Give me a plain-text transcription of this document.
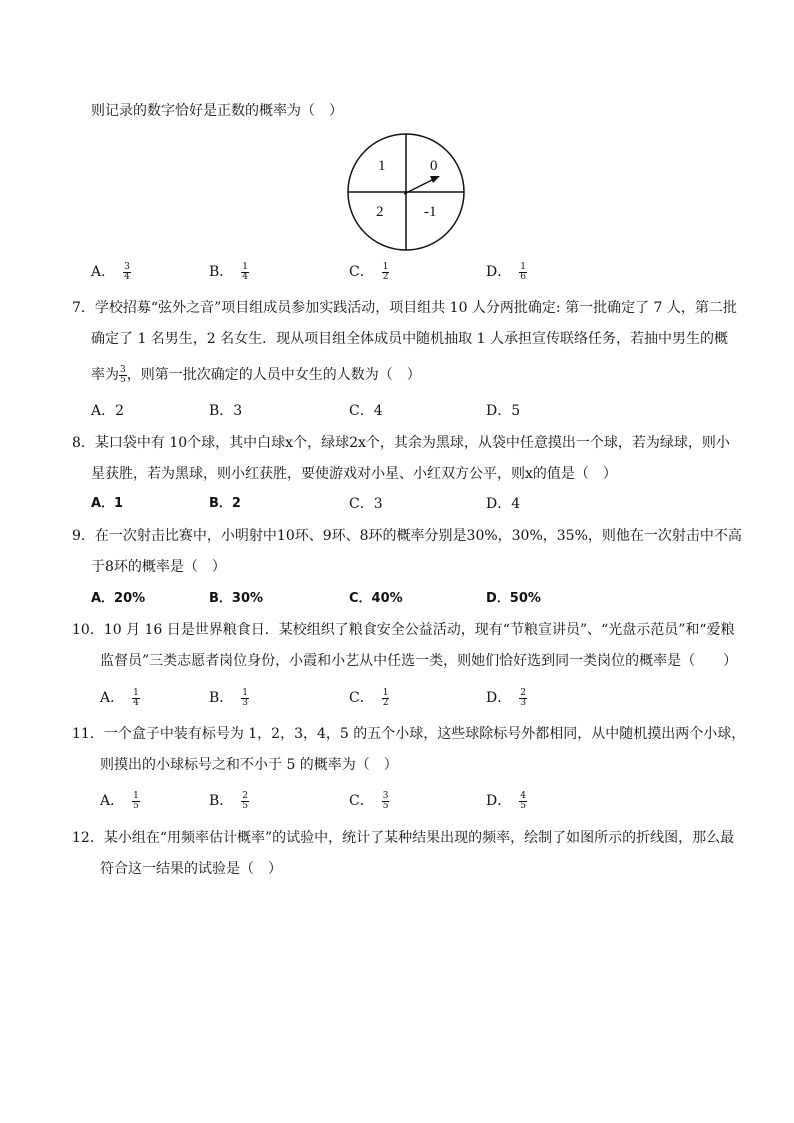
则记录的数字恰好是正数的概率为（　）
1	0
2	-1
A． $\frac{3}{4}$	B． $\frac{1}{4}$	C． $\frac{1}{2}$	D． $\frac{1}{6}$
7．学校招募“弦外之音”项目组成员参加实践活动，项目组共 10 人分两批确定: 第一批确定了 7 人，第二批
确定了 1 名男生，2 名女生．现从项目组全体成员中随机抽取 1 人承担宣传联络任务，若抽中男生的概
率为 $\frac{3}{5}$ ，则第一批次确定的人员中女生的人数为（　）
A．2	B．3	C．4	D．5
8．某口袋中有 10个球，其中白球x个，绿球2x个，其余为黑球，从袋中任意摸出一个球，若为绿球，则小
星获胜，若为黑球，则小红获胜，要使游戏对小星、小红双方公平，则x的值是（　）
A．1	B．2	C．3	D．4
9．在一次射击比赛中，小明射中10环、9环、8环的概率分别是30%，30%，35%，则他在一次射击中不高
于8环的概率是（　）
A．20%	B．30%	C．40%	D．50%
10．10 月 16 日是世界粮食日．某校组织了粮食安全公益活动，现有“节粮宣讲员”、“光盘示范员”和“爱粮
监督员”三类志愿者岗位身份，小霞和小艺从中任选一类，则她们恰好选到同一类岗位的概率是（　　）
A． $\frac{1}{4}$	B． $\frac{1}{3}$	C． $\frac{1}{2}$	D． $\frac{2}{3}$
11．一个盒子中装有标号为 1，2，3，4，5 的五个小球，这些球除标号外都相同，从中随机摸出两个小球，
则摸出的小球标号之和不小于 5 的概率为（　）
A． $\frac{1}{5}$	B． $\frac{2}{5}$	C． $\frac{3}{5}$	D． $\frac{4}{5}$
12．某小组在“用频率估计概率”的试验中，统计了某种结果出现的频率，绘制了如图所示的折线图，那么最
符合这一结果的试验是（　）
